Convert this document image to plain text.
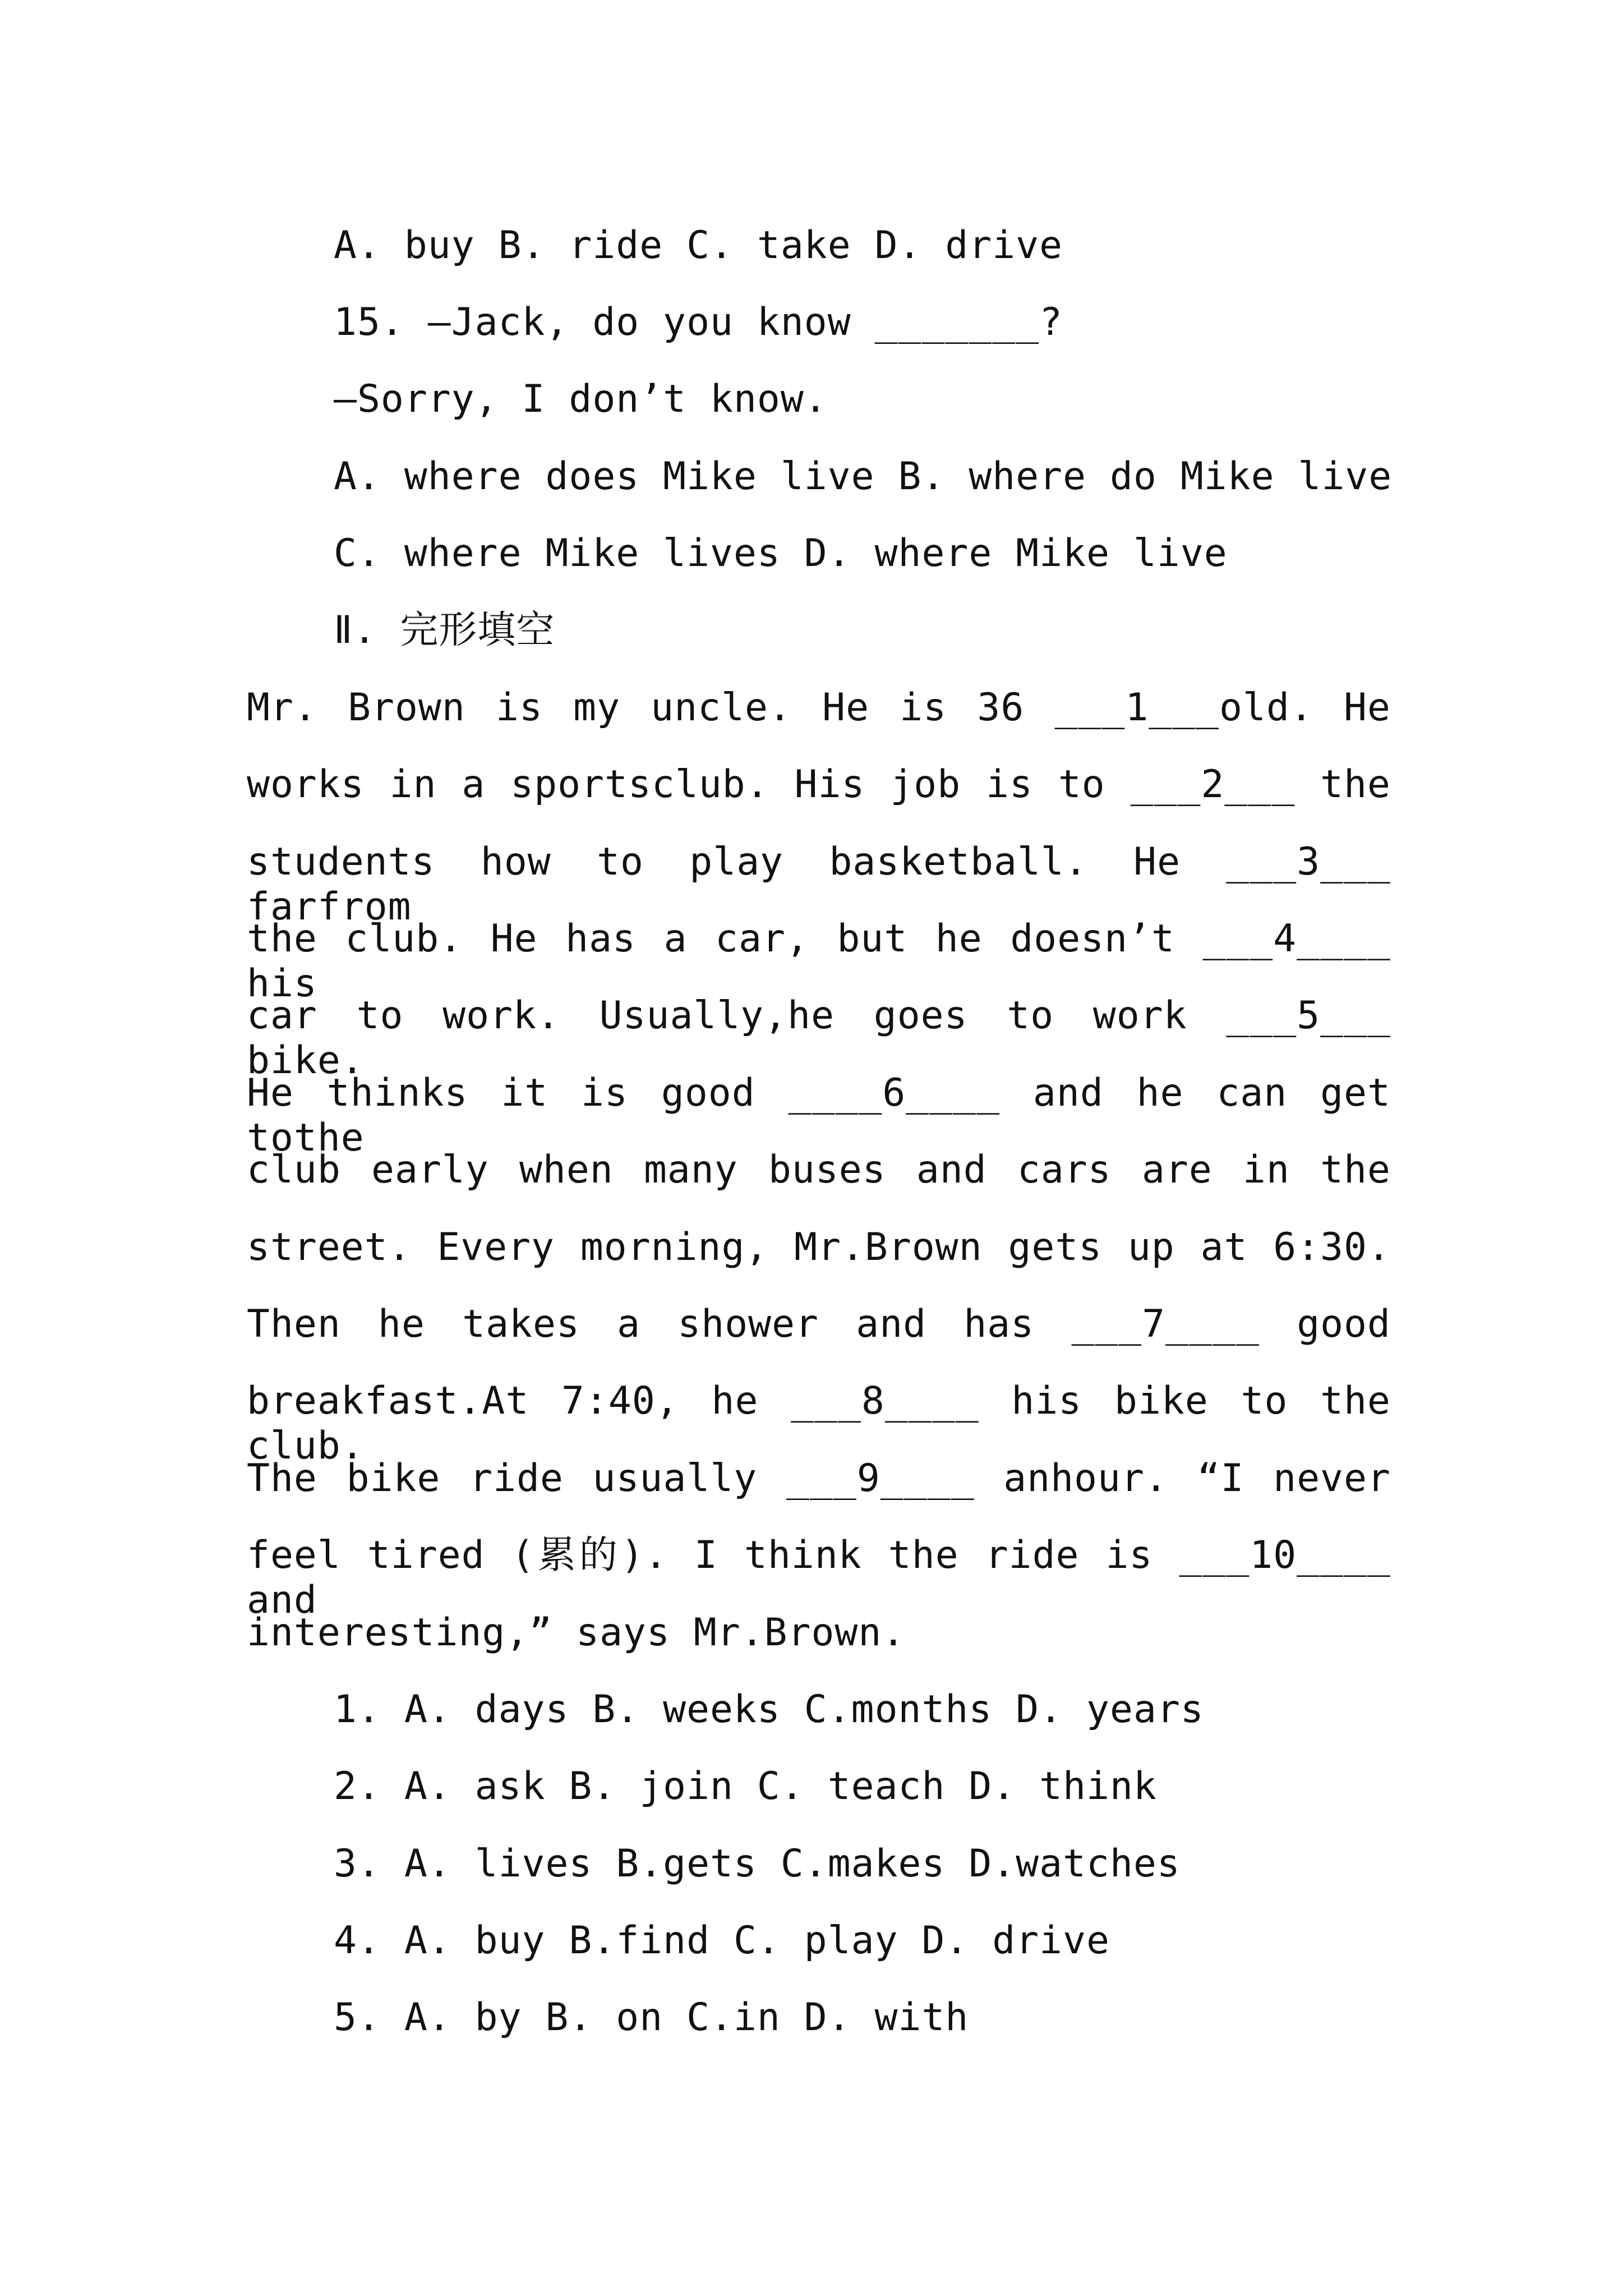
A. buy B. ride C. take D. drive
15. —Jack, do you know _______?
—Sorry, I don’t know.
A. where does Mike live B. where do Mike live
C. where Mike lives D. where Mike live
Ⅱ. 完形填空
Mr. Brown is my uncle. He is 36 ___1___old. He
works in a sportsclub. His job is to ___2___ the
students how to play basketball. He ___3___ farfrom
the club. He has a car, but he doesn’t ___4____ his
car to work. Usually,he goes to work ___5___ bike.
He thinks it is good ____6____ and he can get tothe
club early when many buses and cars are in the
street. Every morning, Mr.Brown gets up at 6:30.
Then he takes a shower and has ___7____ good
breakfast.At 7:40, he ___8____ his bike to the club.
The bike ride usually ___9____ anhour. “I never
feel tired (累的). I think the ride is ___10____ and
interesting,” says Mr.Brown.
1. A. days B. weeks C.months D. years
2. A. ask B. join C. teach D. think
3. A. lives B.gets C.makes D.watches
4. A. buy B.find C. play D. drive
5. A. by B. on C.in D. with
